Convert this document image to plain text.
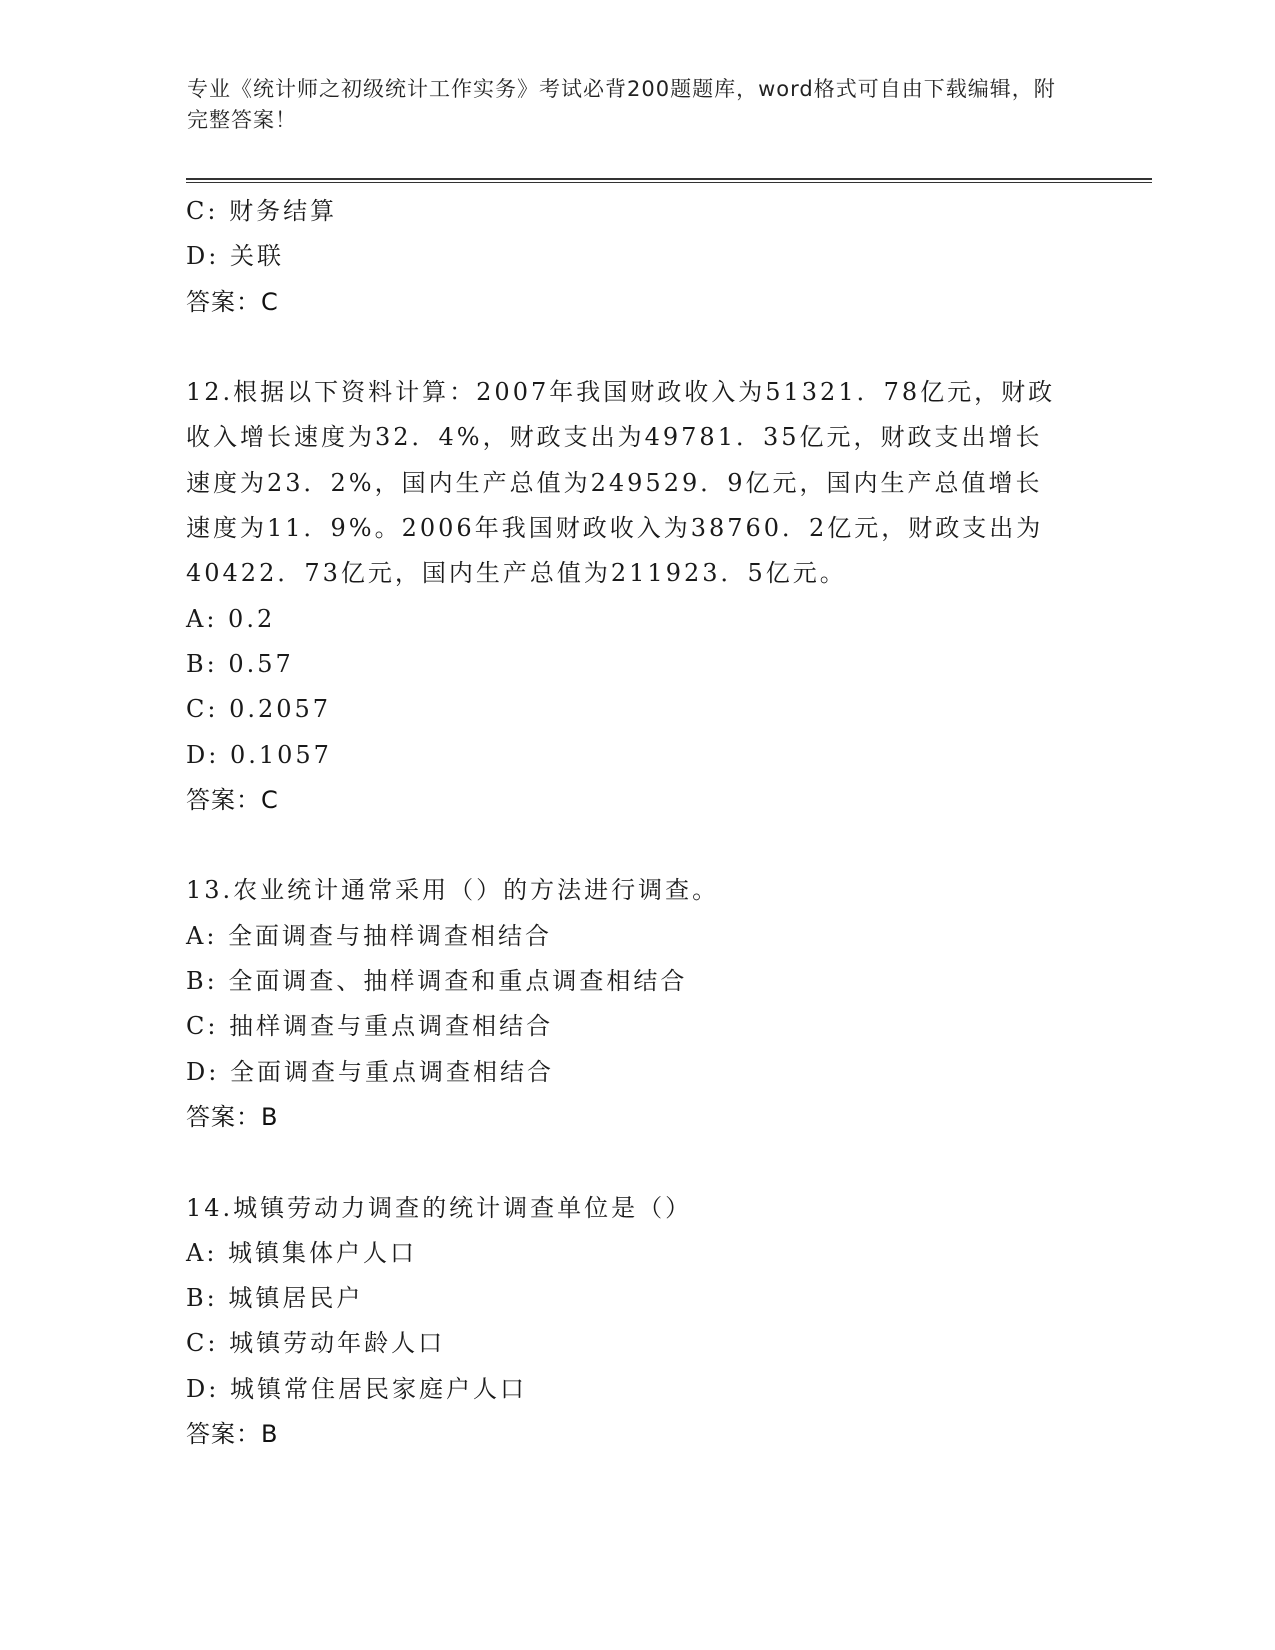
专业《统计师之初级统计工作实务》考试必背200题题库，word格式可自由下载编辑，附完整答案！
C: 财务结算
D: 关联
答案：C
12.根据以下资料计算：2007年我国财政收入为51321．78亿元，财政
收入增长速度为32．4%，财政支出为49781．35亿元，财政支出增长
速度为23．2%，国内生产总值为249529．9亿元，国内生产总值增长
速度为11．9%。2006年我国财政收入为38760．2亿元，财政支出为
40422．73亿元，国内生产总值为211923．5亿元。
A: 0.2
B: 0.57
C: 0.2057
D: 0.1057
答案：C
13.农业统计通常采用（）的方法进行调查。
A: 全面调查与抽样调查相结合
B: 全面调查、抽样调查和重点调查相结合
C: 抽样调查与重点调查相结合
D: 全面调查与重点调查相结合
答案：B
14.城镇劳动力调查的统计调查单位是（）
A: 城镇集体户人口
B: 城镇居民户
C: 城镇劳动年龄人口
D: 城镇常住居民家庭户人口
答案：B
